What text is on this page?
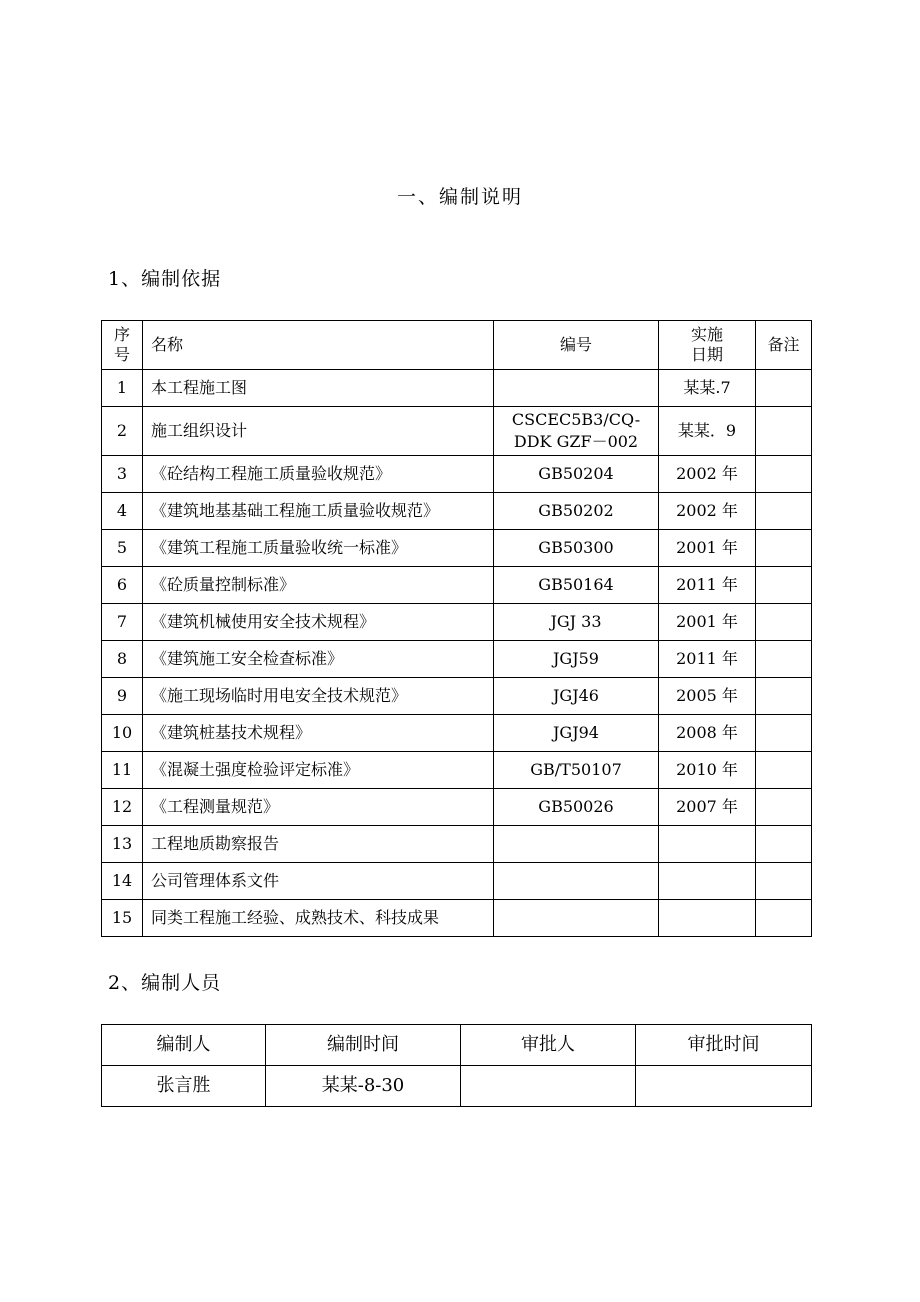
一、编制说明
1、编制依据
序号	名称	编号	实施日期	备注
1	本工程施工图		某某.7	
2	施工组织设计	CSCEC5B3/CQ-DDK GZF－002	某某．9	
3	《砼结构工程施工质量验收规范》	GB50204	2002 年	
4	《建筑地基基础工程施工质量验收规范》	GB50202	2002 年	
5	《建筑工程施工质量验收统一标准》	GB50300	2001 年	
6	《砼质量控制标准》	GB50164	2011 年	
7	《建筑机械使用安全技术规程》	JGJ 33	2001 年	
8	《建筑施工安全检查标准》	JGJ59	2011 年	
9	《施工现场临时用电安全技术规范》	JGJ46	2005 年	
10	《建筑桩基技术规程》	JGJ94	2008 年	
11	《混凝土强度检验评定标准》	GB/T50107	2010 年	
12	《工程测量规范》	GB50026	2007 年	
13	工程地质勘察报告			
14	公司管理体系文件			
15	同类工程施工经验、成熟技术、科技成果			
2、编制人员
编制人	编制时间	审批人	审批时间
张言胜	某某-8-30		
